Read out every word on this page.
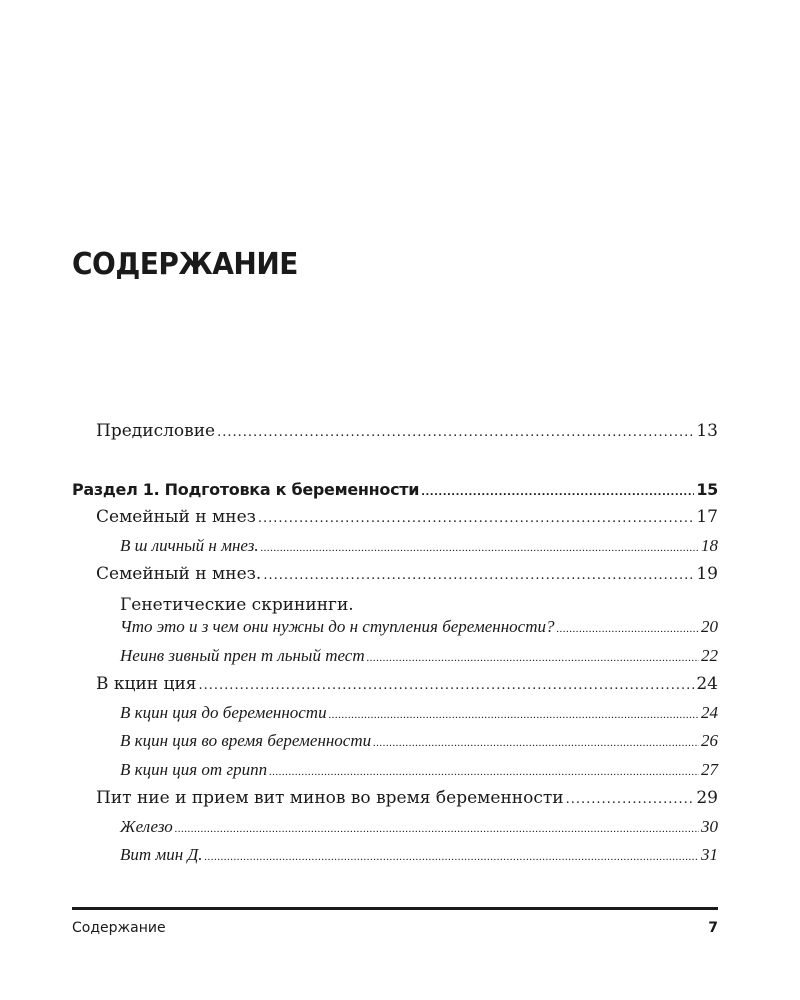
СОДЕРЖАНИЕ
Предисловие .....	13
Раздел 1. Подготовка к беременности .....	15
Семейный н мнез .....	17
В ш личный н мнез. .....	18
Семейный н мнез. .....	19
Генетические скрининги.
Что это и з чем они нужны до н ступления беременности? .....	20
Неинв зивный прен т льный тест .....	22
В кцин ция .....	24
В кцин ция до беременности .....	24
В кцин ция во время беременности .....	26
В кцин ция от грипп .....	27
Пит ние и прием вит минов во время беременности .....	29
Железо .....	30
Вит мин Д. .....	31
Содержание	7
